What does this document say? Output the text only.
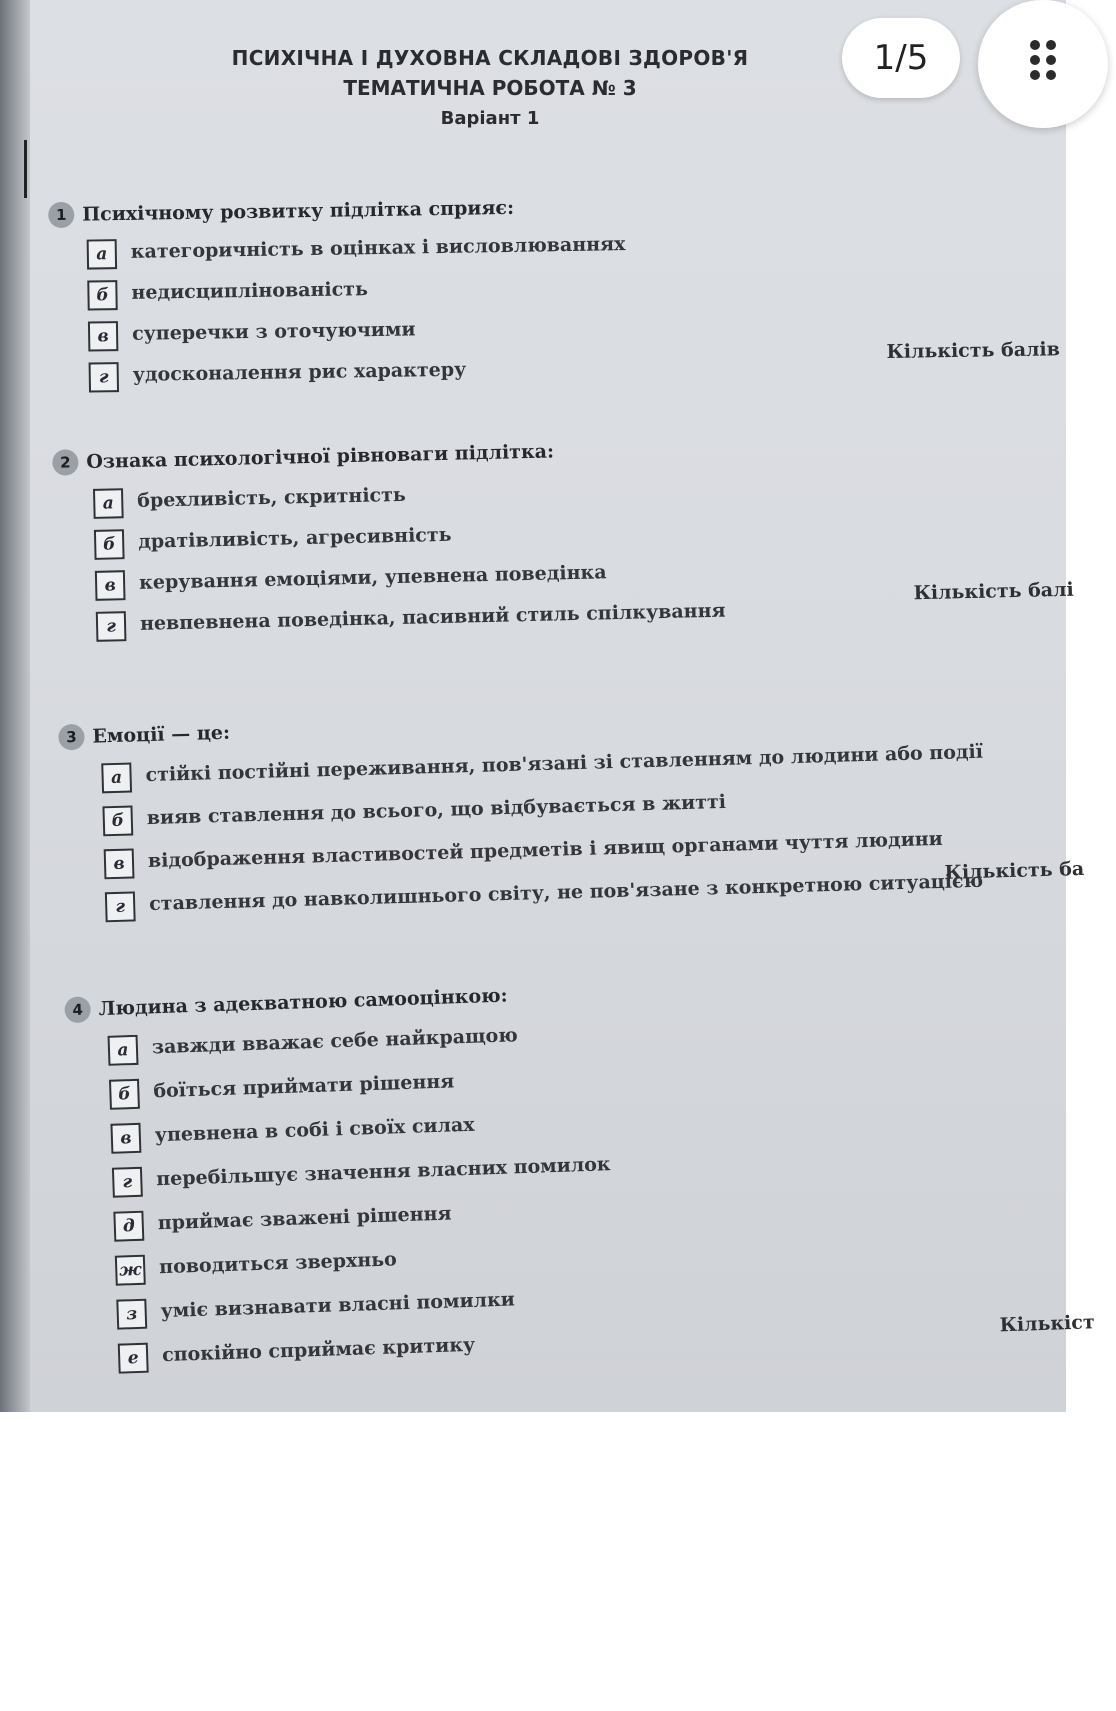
ПСИХІЧНА І ДУХОВНА СКЛАДОВІ ЗДОРОВ'Я
ТЕМАТИЧНА РОБОТА № 3
Варіант 1
1 Психічному розвитку підлітка сприяє:
а	категоричність в оцінках і висловлюваннях
б	недисциплінованість
в	суперечки з оточуючими
г	удосконалення рис характеру
Кількість балів
2 Ознака психологічної рівноваги підлітка:
а	брехливість, скритність
б	дратівливість, агресивність
в	керування емоціями, упевнена поведінка
г	невпевнена поведінка, пасивний стиль спілкування
Кількість балі
3 Емоції — це:
а	стійкі постійні переживання, пов'язані зі ставленням до людини або події
б	вияв ставлення до всього, що відбувається в житті
в	відображення властивостей предметів і явищ органами чуття людини
г	ставлення до навколишнього світу, не пов'язане з конкретною ситуацією
Кількість ба
4 Людина з адекватною самооцінкою:
а	завжди вважає себе найкращою
б	боїться приймати рішення
в	упевнена в собі і своїх силах
г	перебільшує значення власних помилок
д	приймає зважені рішення
ж поводиться зверхньо
з	уміє визнавати власні помилки
е	спокійно сприймає критику
Кількіст
1/5
